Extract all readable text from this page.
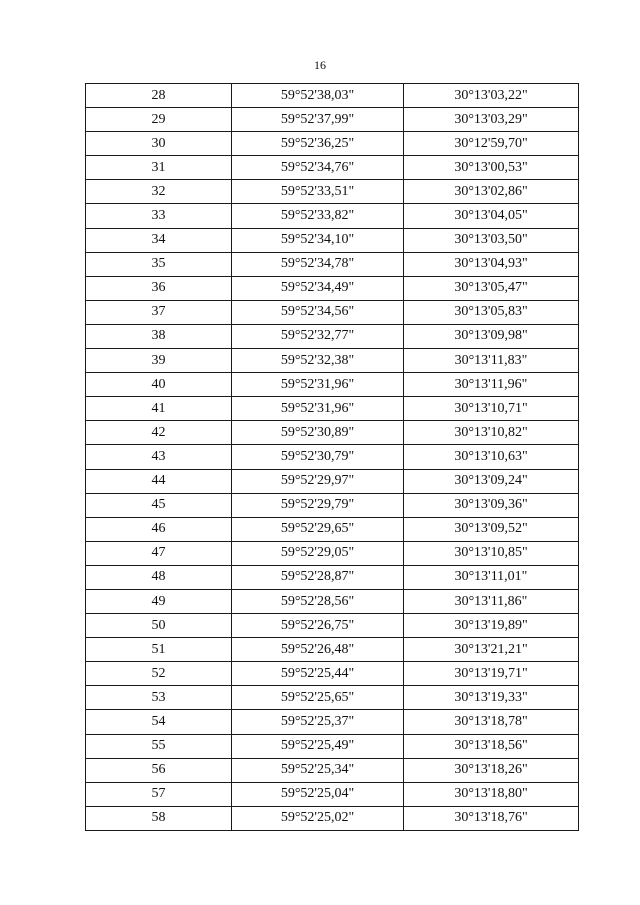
16
28	59°52'38,03"	30°13'03,22"
29	59°52'37,99"	30°13'03,29"
30	59°52'36,25"	30°12'59,70"
31	59°52'34,76"	30°13'00,53"
32	59°52'33,51"	30°13'02,86"
33	59°52'33,82"	30°13'04,05"
34	59°52'34,10"	30°13'03,50"
35	59°52'34,78"	30°13'04,93"
36	59°52'34,49"	30°13'05,47"
37	59°52'34,56"	30°13'05,83"
38	59°52'32,77"	30°13'09,98"
39	59°52'32,38"	30°13'11,83"
40	59°52'31,96"	30°13'11,96"
41	59°52'31,96"	30°13'10,71"
42	59°52'30,89"	30°13'10,82"
43	59°52'30,79"	30°13'10,63"
44	59°52'29,97"	30°13'09,24"
45	59°52'29,79"	30°13'09,36"
46	59°52'29,65"	30°13'09,52"
47	59°52'29,05"	30°13'10,85"
48	59°52'28,87"	30°13'11,01"
49	59°52'28,56"	30°13'11,86"
50	59°52'26,75"	30°13'19,89"
51	59°52'26,48"	30°13'21,21"
52	59°52'25,44"	30°13'19,71"
53	59°52'25,65"	30°13'19,33"
54	59°52'25,37"	30°13'18,78"
55	59°52'25,49"	30°13'18,56"
56	59°52'25,34"	30°13'18,26"
57	59°52'25,04"	30°13'18,80"
58	59°52'25,02"	30°13'18,76"
